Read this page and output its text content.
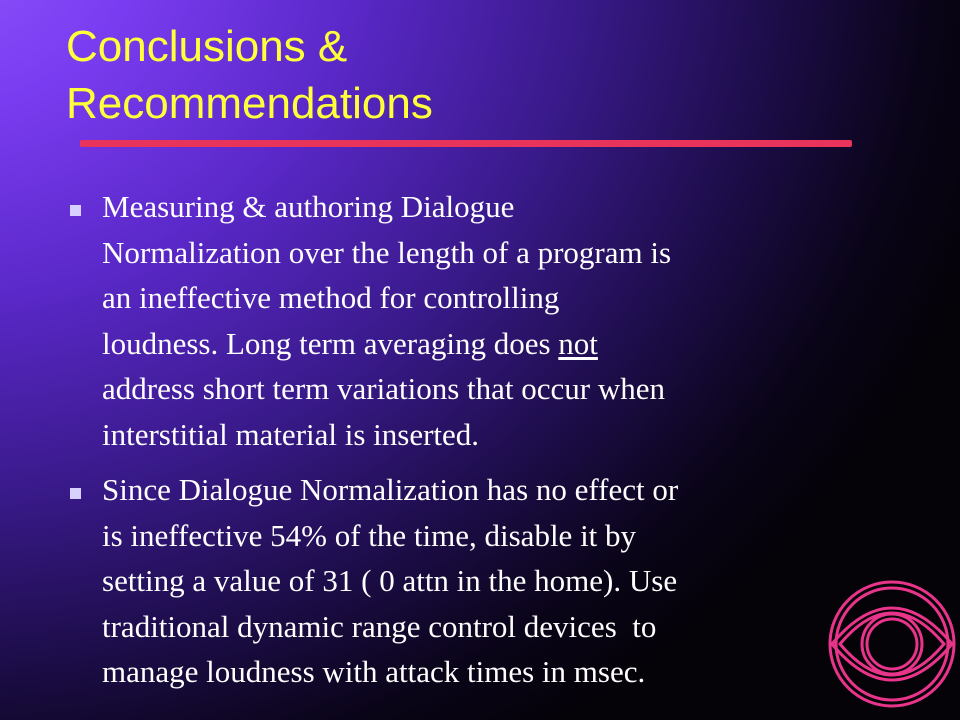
Conclusions &
Recommendations
Measuring & authoring Dialogue
Normalization over the length of a program is
an ineffective method for controlling
loudness. Long term averaging does not
address short term variations that occur when
interstitial material is inserted.
Since Dialogue Normalization has no effect or
is ineffective 54% of the time, disable it by
setting a value of 31 ( 0 attn in the home). Use
traditional dynamic range control devices  to
manage loudness with attack times in msec.
